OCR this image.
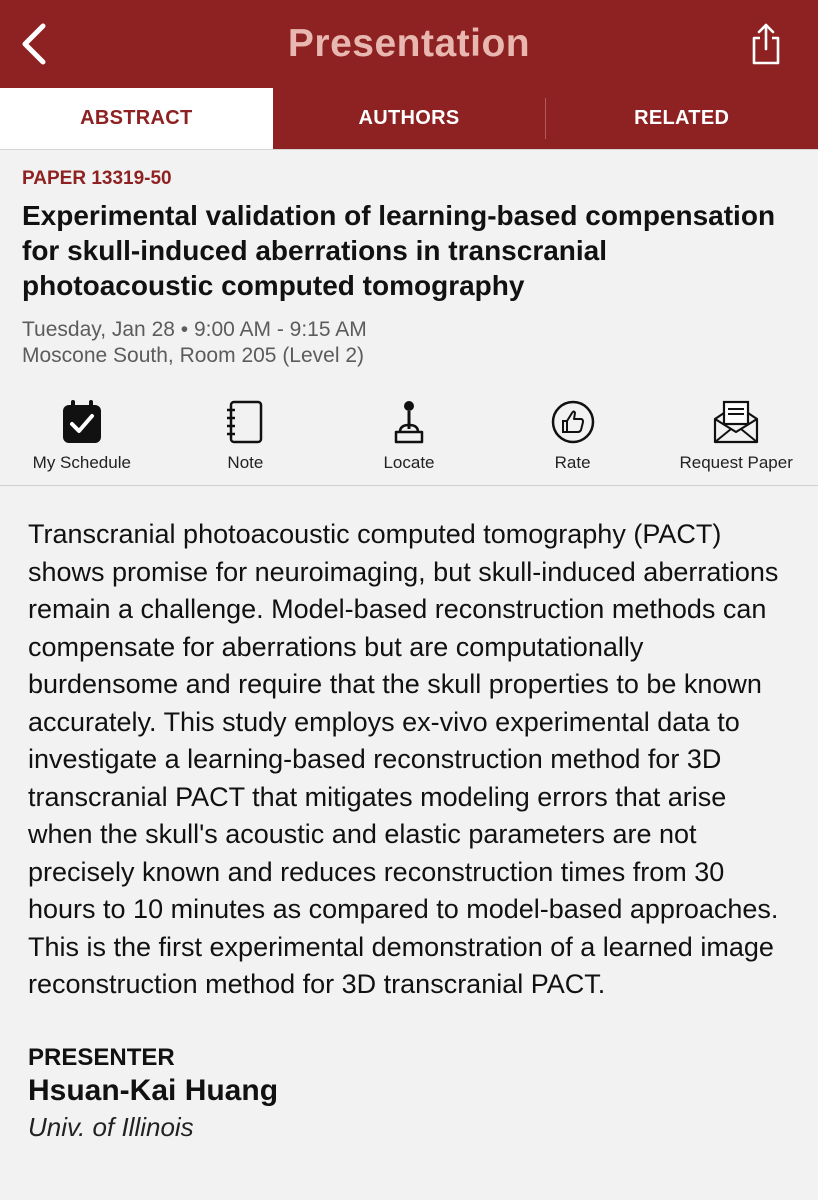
Presentation
ABSTRACT	AUTHORS	RELATED
PAPER 13319-50
Experimental validation of learning-based compensation for skull-induced aberrations in transcranial photoacoustic computed tomography
Tuesday, Jan 28 • 9:00 AM - 9:15 AM
Moscone South, Room 205 (Level 2)
My Schedule	Note	Locate	Rate	Request Paper
Transcranial photoacoustic computed tomography (PACT) shows promise for neuroimaging, but skull-induced aberrations remain a challenge. Model-based reconstruction methods can compensate for aberrations but are computationally burdensome and require that the skull properties to be known accurately. This study employs ex-vivo experimental data to investigate a learning-based reconstruction method for 3D transcranial PACT that mitigates modeling errors that arise when the skull's acoustic and elastic parameters are not precisely known and reduces reconstruction times from 30 hours to 10 minutes as compared to model-based approaches. This is the first experimental demonstration of a learned image reconstruction method for 3D transcranial PACT.
PRESENTER
Hsuan-Kai Huang
Univ. of Illinois
